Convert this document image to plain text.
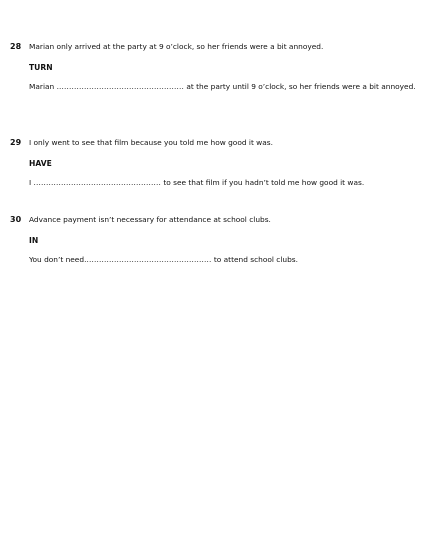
28 Marian only arrived at the party at 9 o’clock, so her friends were a bit annoyed.
TURN
Marian ................................................... at the party until 9 o’clock, so her friends were a bit annoyed.
29 I only went to see that film because you told me how good it was.
HAVE
I ................................................... to see that film if you hadn’t told me how good it was.
30 Advance payment isn’t necessary for attendance at school clubs.
IN
You don’t need................................................... to attend school clubs.
